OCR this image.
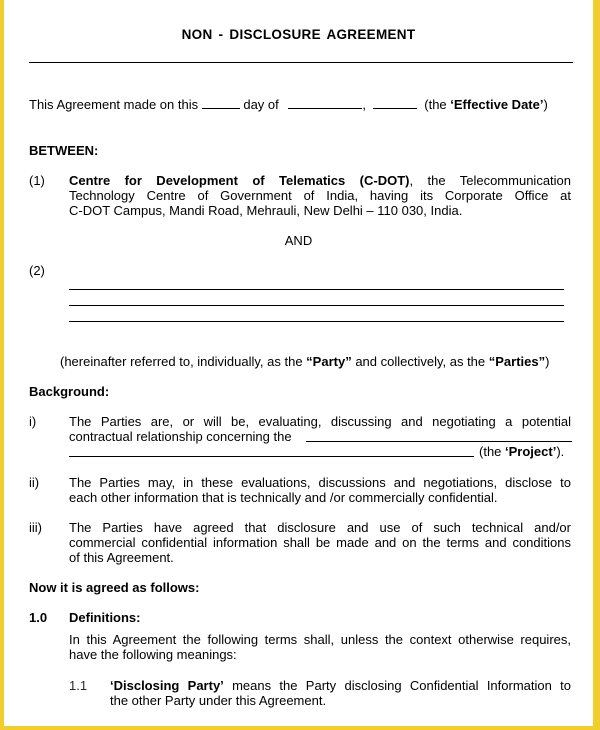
NON - DISCLOSURE AGREEMENT
This Agreement made on this	day of	,	(the ‘Effective Date’)
BETWEEN:
(1) Centre for Development of Telematics (C-DOT), the Telecommunication
Technology Centre of Government of India, having its Corporate Office at
C-DOT Campus, Mandi Road, Mehrauli, New Delhi – 110 030, India.
AND
(2)
(hereinafter referred to, individually, as the “Party” and collectively, as the “Parties”)
Background:
i)	The Parties are, or will be, evaluating, discussing and negotiating a potential
contractual relationship concerning the
(the ‘Project’).
ii) The Parties may, in these evaluations, discussions and negotiations, disclose to
each other information that is technically and /or commercially confidential.
iii) The Parties have agreed that disclosure and use of such technical and/or
commercial confidential information shall be made and on the terms and conditions
of this Agreement.
Now it is agreed as follows:
1.0 Definitions:
In this Agreement the following terms shall, unless the context otherwise requires,
have the following meanings:
1.1 ‘Disclosing Party’ means the Party disclosing Confidential Information to
the other Party under this Agreement.
